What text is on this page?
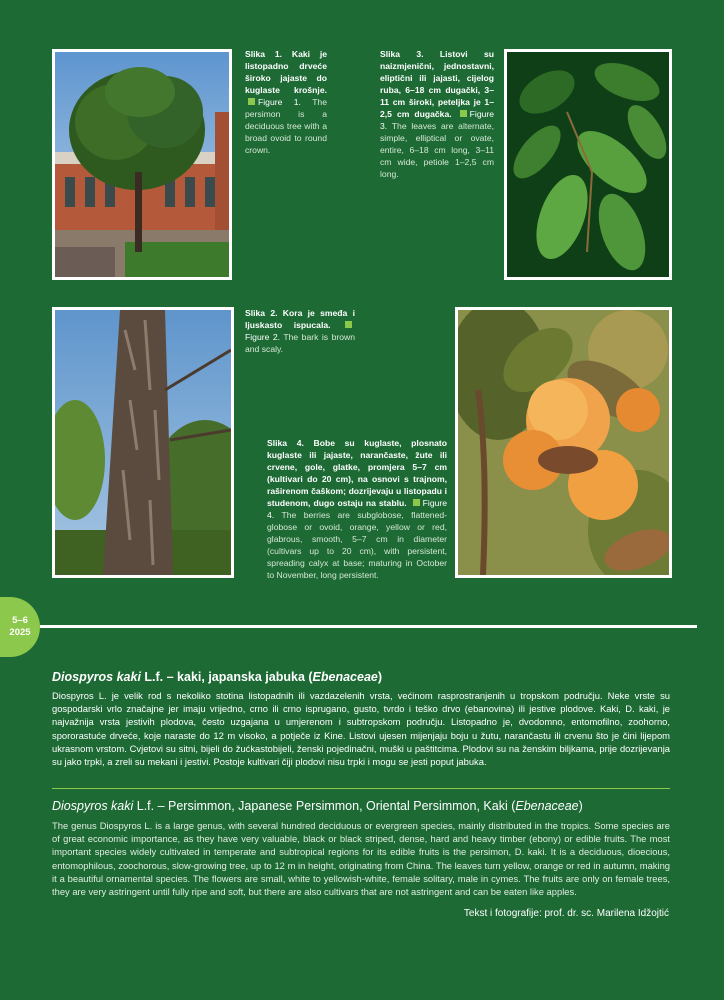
Slika 1. Kaki je listopadno drveće široko jajaste do kuglaste krošnje. Figure 1. The persimon is a deciduous tree with a broad ovoid to round crown.
Slika 3. Listovi su naizmjenični, jednostavni, eliptični ili jajasti, cijelog ruba, 6–18 cm dugački, 3–11 cm široki, peteljka je 1–2,5 cm dugačka. Figure 3. The leaves are alternate, simple, elliptical or ovate, entire, 6–18 cm long, 3–11 cm wide, petiole 1–2,5 cm long.
Slika 2. Kora je smeđa i ljuskasto ispucala. Figure 2. The bark is brown and scaly.
Slika 4. Bobe su kuglaste, plosnato kuglaste ili jajaste, narančaste, žute ili crvene, gole, glatke, promjera 5–7 cm (kultivari do 20 cm), na osnovi s trajnom, raširenom čaškom; dozrijevaju u listopadu i studenom, dugo ostaju na stablu. Figure 4. The berries are subglobose, flattened-globose or ovoid, orange, yellow or red, glabrous, smooth, 5–7 cm in diameter (cultivars up to 20 cm), with persistent, spreading calyx at base; maturing in October to November, long persistent.
5–6
2025
Diospyros kaki L.f. – kaki, japanska jabuka (Ebenaceae)
Diospyros L. je velik rod s nekoliko stotina listopadnih ili vazdazelenih vrsta, većinom rasprostranjenih u tropskom području. Neke vrste su gospodarski vrlo značajne jer imaju vrijedno, crno ili crno isprugano, gusto, tvrdo i teško drvo (ebanovina) ili jestive plodove. Kaki, D. kaki, je najvažnija vrsta jestivih plodova, često uzgajana u umjerenom i subtropskom području. Listopadno je, dvodomno, entomofilno, zoohorno, spororastuće drveće, koje naraste do 12 m visoko, a potječe iz Kine. Listovi ujesen mijenjaju boju u žutu, narančastu ili crvenu što je čini lijepom ukrasnom vrstom. Cvjetovi su sitni, bijeli do žućkastobijeli, ženski pojedinačni, muški u paštitcima. Plodovi su na ženskim biljkama, prije dozrijevanja su jako trpki, a zreli su mekani i jestivi. Postoje kultivari čiji plodovi nisu trpki i mogu se jesti poput jabuka.
Diospyros kaki L.f. – Persimmon, Japanese Persimmon, Oriental Persimmon, Kaki (Ebenaceae)
The genus Diospyros L. is a large genus, with several hundred deciduous or evergreen species, mainly distributed in the tropics. Some species are of great economic importance, as they have very valuable, black or black striped, dense, hard and heavy timber (ebony) or edible fruits. The most important species widely cultivated in temperate and subtropical regions for its edible fruits is the persimon, D. kaki. It is a deciduous, dioecious, entomophilous, zoochorous, slow-growing tree, up to 12 m in height, originating from China. The leaves turn yellow, orange or red in autumn, making it a beautiful ornamental species. The flowers are small, white to yellowish-white, female solitary, male in cymes. The fruits are only on female trees, they are very astringent until fully ripe and soft, but there are also cultivars that are not astringent and can be eaten like apples.
Tekst i fotografije: prof. dr. sc. Marilena Idžojtić
